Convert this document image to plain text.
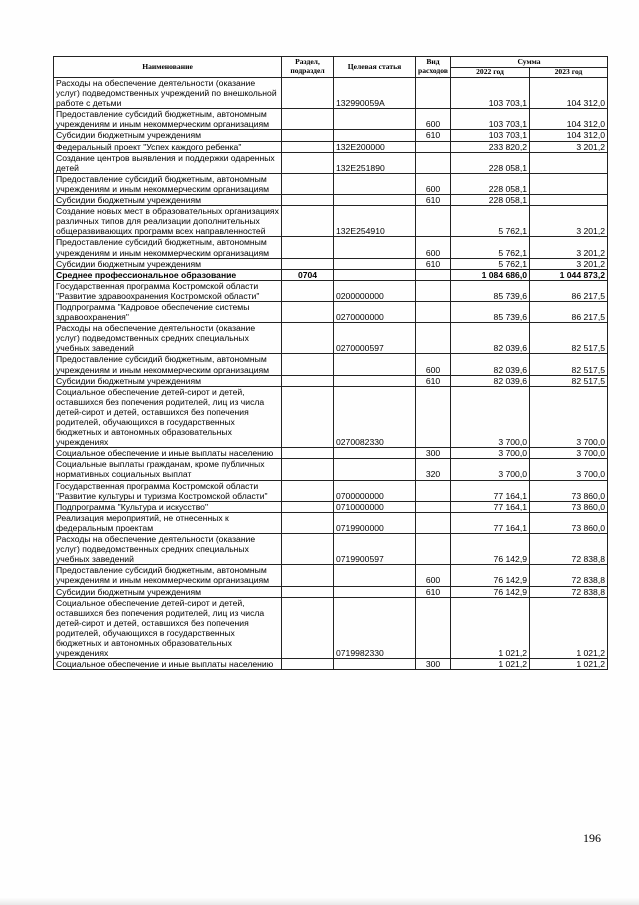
Наименование	Раздел, подраздел	Целевая статья	Вид расходов	Сумма	
				2022 год	2023 год
Расходы на обеспечение деятельности (оказание услуг) подведомственных учреждений по внешкольной работе с детьми		132990059А		103 703,1	104 312,0
Предоставление субсидий бюджетным, автономным учреждениям и иным некоммерческим организациям			600	103 703,1	104 312,0
Субсидии бюджетным учреждениям			610	103 703,1	104 312,0
Федеральный проект "Успех каждого ребенка"		132E200000		233 820,2	3 201,2
Создание центров выявления и поддержки одаренных детей		132E251890		228 058,1	
Предоставление субсидий бюджетным, автономным учреждениям и иным некоммерческим организациям			600	228 058,1	
Субсидии бюджетным учреждениям			610	228 058,1	
Создание новых мест в образовательных организациях различных типов для реализации дополнительных общеразвивающих программ всех направленностей		132E254910		5 762,1	3 201,2
Предоставление субсидий бюджетным, автономным учреждениям и иным некоммерческим организациям			600	5 762,1	3 201,2
Субсидии бюджетным учреждениям			610	5 762,1	3 201,2
Среднее профессиональное образование	0704			1 084 686,0	1 044 873,2
Государственная программа Костромской области "Развитие здравоохранения Костромской области"		0200000000		85 739,6	86 217,5
Подпрограмма "Кадровое обеспечение системы здравоохранения"		0270000000		85 739,6	86 217,5
Расходы на обеспечение деятельности (оказание услуг) подведомственных средних специальных учебных заведений		0270000597		82 039,6	82 517,5
Предоставление субсидий бюджетным, автономным учреждениям и иным некоммерческим организациям			600	82 039,6	82 517,5
Субсидии бюджетным учреждениям			610	82 039,6	82 517,5
Социальное обеспечение детей-сирот и детей, оставшихся без попечения родителей, лиц из числа детей-сирот и детей, оставшихся без попечения родителей, обучающихся в государственных бюджетных и автономных образовательных учреждениях		0270082330		3 700,0	3 700,0
Социальное обеспечение и иные выплаты населению			300	3 700,0	3 700,0
Социальные выплаты гражданам, кроме публичных нормативных социальных выплат			320	3 700,0	3 700,0
Государственная программа Костромской области "Развитие культуры и туризма Костромской области"		0700000000		77 164,1	73 860,0
Подпрограмма "Культура и искусство"		0710000000		77 164,1	73 860,0
Реализация мероприятий, не отнесенных к федеральным проектам		0719900000		77 164,1	73 860,0
Расходы на обеспечение деятельности (оказание услуг) подведомственных средних специальных учебных заведений		0719900597		76 142,9	72 838,8
Предоставление субсидий бюджетным, автономным учреждениям и иным некоммерческим организациям			600	76 142,9	72 838,8
Субсидии бюджетным учреждениям			610	76 142,9	72 838,8
Социальное обеспечение детей-сирот и детей, оставшихся без попечения родителей, лиц из числа детей-сирот и детей, оставшихся без попечения родителей, обучающихся в государственных бюджетных и автономных образовательных учреждениях		0719982330		1 021,2	1 021,2
Социальное обеспечение и иные выплаты населению			300	1 021,2	1 021,2
196
